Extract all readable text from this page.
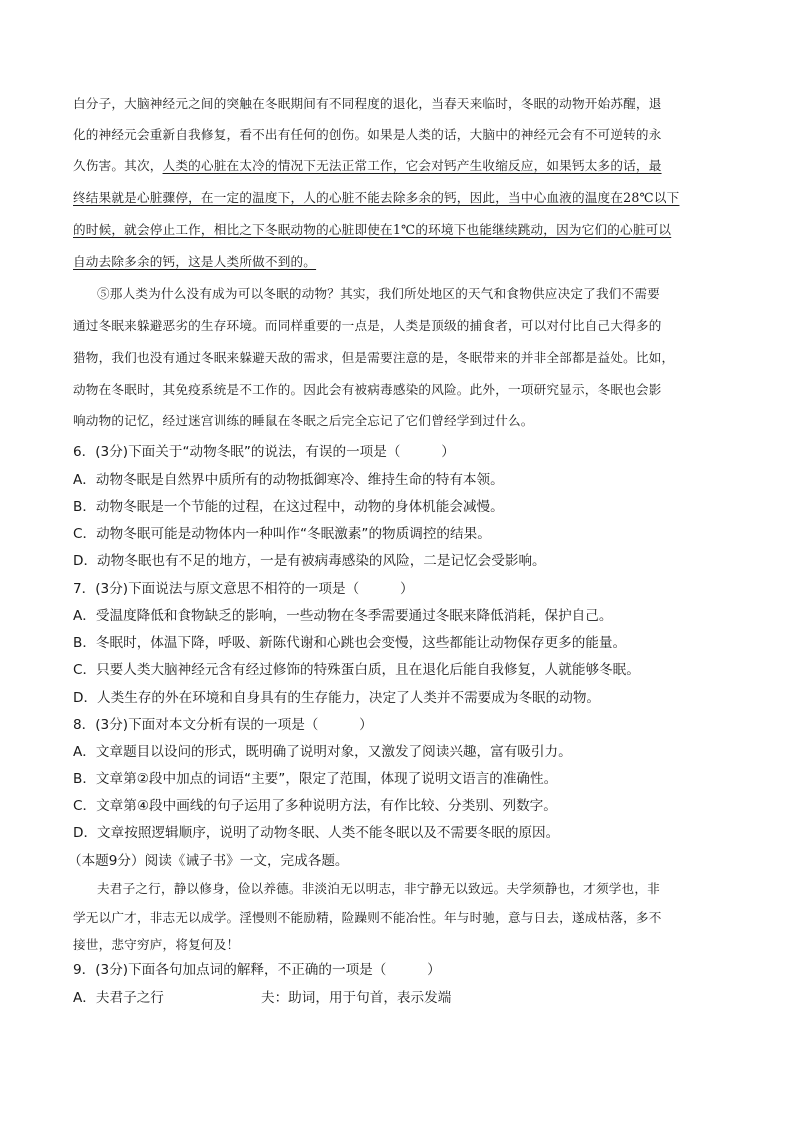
白分子，大脑神经元之间的突触在冬眠期间有不同程度的退化，当春天来临时，冬眠的动物开始苏醒，退
化的神经元会重新自我修复，看不出有任何的创伤。如果是人类的话，大脑中的神经元会有不可逆转的永
久伤害。其次，人类的心脏在太冷的情况下无法正常工作，它会对钙产生收缩反应，如果钙太多的话，最
终结果就是心脏骤停，在一定的温度下，人的心脏不能去除多余的钙，因此，当中心血液的温度在28℃以下
的时候，就会停止工作，相比之下冬眠动物的心脏即使在1℃的环境下也能继续跳动，因为它们的心脏可以
自动去除多余的钙，这是人类所做不到的。
⑤那人类为什么没有成为可以冬眠的动物？其实，我们所处地区的天气和食物供应决定了我们不需要
通过冬眠来躲避恶劣的生存环境。而同样重要的一点是，人类是顶级的捕食者，可以对付比自己大得多的
猎物，我们也没有通过冬眠来躲避天敌的需求，但是需要注意的是，冬眠带来的并非全部都是益处。比如，
动物在冬眠时，其免疫系统是不工作的。因此会有被病毒感染的风险。此外，一项研究显示，冬眠也会影
响动物的记忆，经过迷宫训练的睡鼠在冬眠之后完全忘记了它们曾经学到过什么。
6．(3分)下面关于“动物冬眠”的说法，有误的一项是（　　　）
A．动物冬眠是自然界中质所有的动物抵御寒冷、维持生命的特有本领。
B．动物冬眠是一个节能的过程，在这过程中，动物的身体机能会减慢。
C．动物冬眠可能是动物体内一种叫作“冬眠激素”的物质调控的结果。
D．动物冬眠也有不足的地方，一是有被病毒感染的风险，二是记忆会受影响。
7．(3分)下面说法与原文意思不相符的一项是（　　　）
A．受温度降低和食物缺乏的影响，一些动物在冬季需要通过冬眠来降低消耗，保护自己。
B．冬眠时，体温下降，呼吸、新陈代谢和心跳也会变慢，这些都能让动物保存更多的能量。
C．只要人类大脑神经元含有经过修饰的特殊蛋白质，且在退化后能自我修复，人就能够冬眠。
D．人类生存的外在环境和自身具有的生存能力，决定了人类并不需要成为冬眠的动物。
8．(3分)下面对本文分析有误的一项是（　　　）
A．文章题目以设问的形式，既明确了说明对象，又激发了阅读兴趣，富有吸引力。
B．文章第②段中加点的词语“主要”，限定了范围，体现了说明文语言的准确性。
C．文章第④段中画线的句子运用了多种说明方法，有作比较、分类别、列数字。
D．文章按照逻辑顺序，说明了动物冬眠、人类不能冬眠以及不需要冬眠的原因。
（本题9分）阅读《诫子书》一文，完成各题。
夫君子之行，静以修身，俭以养德。非淡泊无以明志，非宁静无以致远。夫学须静也，才须学也，非
学无以广才，非志无以成学。淫慢则不能励精，险躁则不能冶性。年与时驰，意与日去，遂成枯落，多不
接世，悲守穷庐，将复何及！
9．(3分)下面各句加点词的解释，不正确的一项是（　　　）
A．夫君子之行	夫：助词，用于句首，表示发端
